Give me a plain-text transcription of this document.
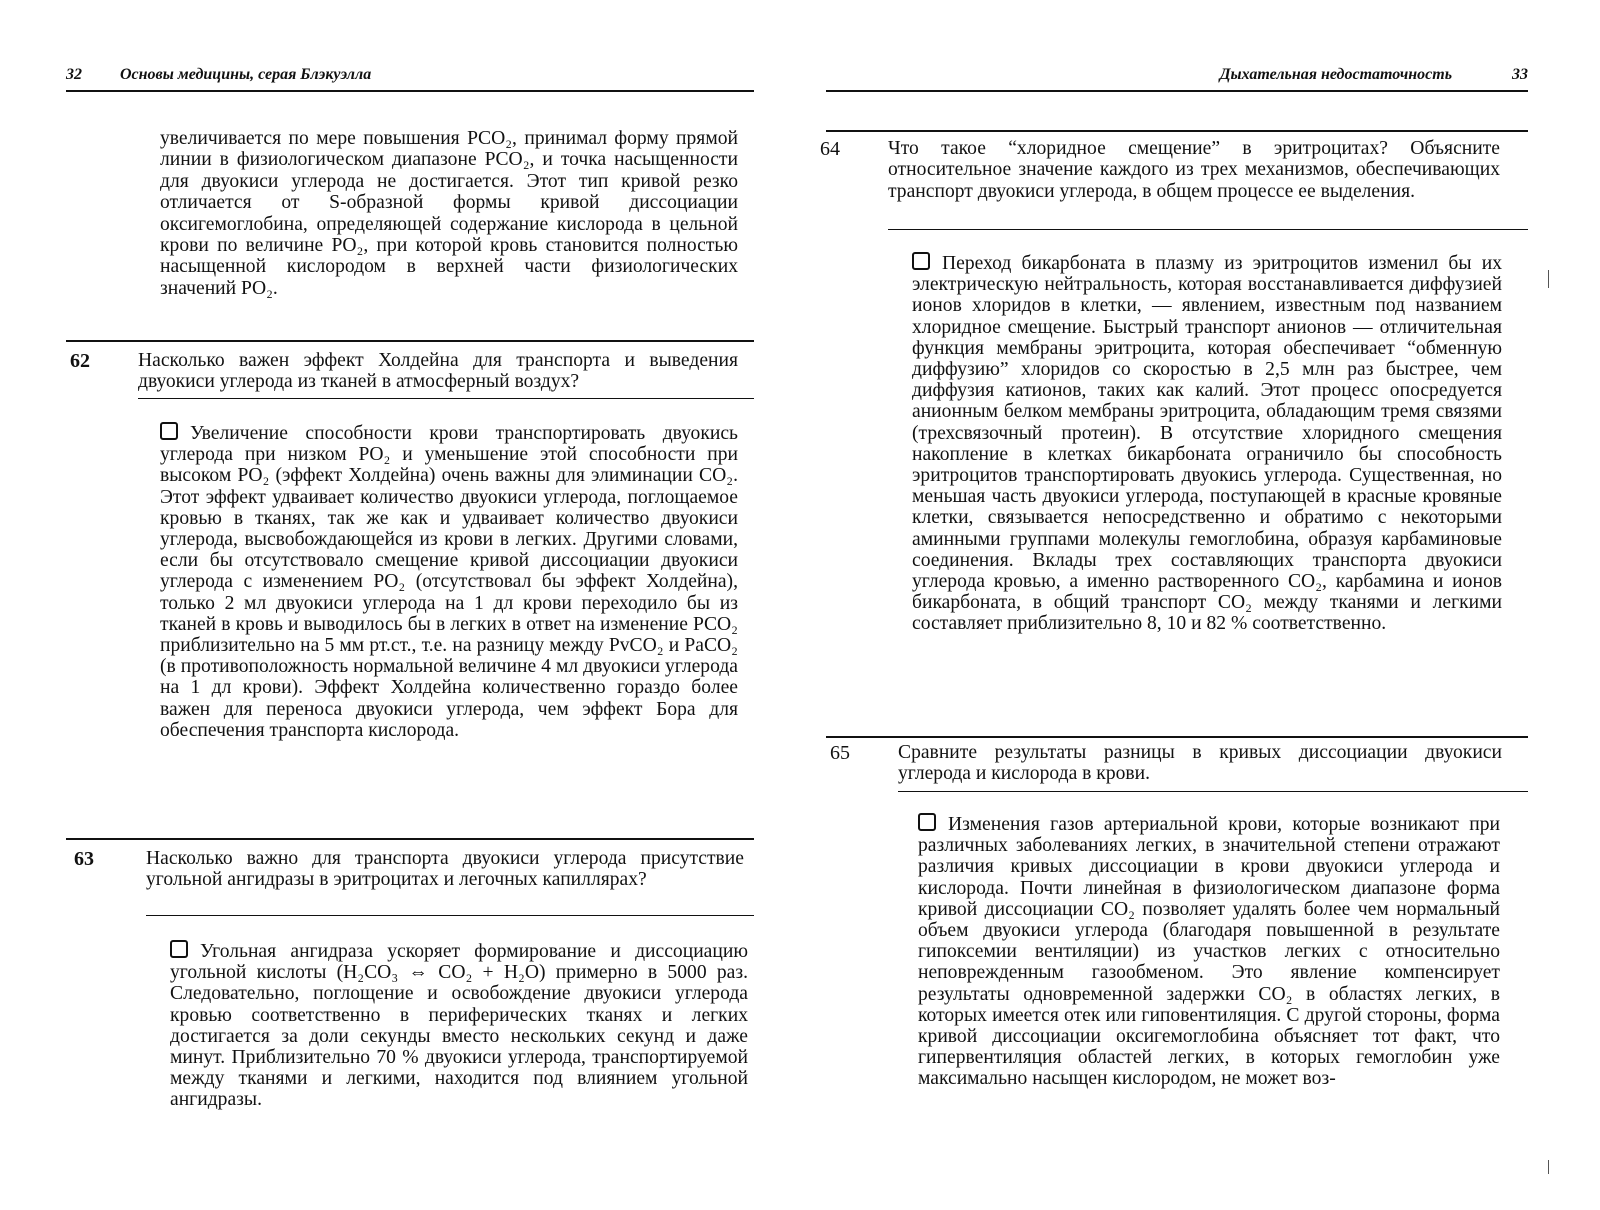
32 Основы медицины, серая Блэкуэлла
увеличивается по мере повышения PCO₂, принимал форму прямой линии в физиологическом диапазоне PCO₂, и точка насыщенности для двуокиси углерода не достигается. Этот тип кривой резко отличается от S-образной формы кривой диссоциации оксигемоглобина, определяющей содержание кислорода в цельной крови по величине PO₂, при которой кровь становится полностью насыщенной кислородом в верхней части физиологических значений PO₂.
62 Насколько важен эффект Холдейна для транспорта и выведения двуокиси углерода из тканей в атмосферный воздух?
Увеличение способности крови транспортировать двуокись углерода при низком PO₂ и уменьшение этой способности при высоком PO₂ (эффект Холдейна) очень важны для элиминации CO₂. Этот эффект удваивает количество двуокиси углерода, поглощаемое кровью в тканях, так же как и удваивает количество двуокиси углерода, высвобождающейся из крови в легких. Другими словами, если бы отсутствовало смещение кривой диссоциации двуокиси углерода с изменением PO₂ (отсутствовал бы эффект Холдейна), только 2 мл двуокиси углерода на 1 дл крови переходило бы из тканей в кровь и выводилось бы в легких в ответ на изменение PCO₂ приблизительно на 5 мм рт.ст., т.е. на разницу между PvCO₂ и PaCO₂ (в противоположность нормальной величине 4 мл двуокиси углерода на 1 дл крови). Эффект Холдейна количественно гораздо более важен для переноса двуокиси углерода, чем эффект Бора для обеспечения транспорта кислорода.
63	Насколько важно для транспорта двуокиси углерода присутствие угольной ангидразы в эритроцитах и легочных капиллярах?
Угольная ангидраза ускоряет формирование и диссоциацию угольной кислоты (H₂CO₃ ⇔ CO₂ + H₂O) примерно в 5000 раз. Следовательно, поглощение и освобождение двуокиси углерода кровью соответственно в периферических тканях и легких достигается за доли секунды вместо нескольких секунд и даже минут. Приблизительно 70 % двуокиси углерода, транспортируемой между тканями и легкими, находится под влиянием угольной ангидразы.
Дыхательная недостаточность	33
64 Что такое “хлоридное смещение” в эритроцитах? Объясните относительное значение каждого из трех механизмов, обеспечивающих транспорт двуокиси углерода, в общем процессе ее выделения.
Переход бикарбоната в плазму из эритроцитов изменил бы их электрическую нейтральность, которая восстанавливается диффузией ионов хлоридов в клетки, — явлением, известным под названием хлоридное смещение. Быстрый транспорт анионов — отличительная функция мембраны эритроцита, которая обеспечивает “обменную диффузию” хлоридов со скоростью в 2,5 млн раз быстрее, чем диффузия катионов, таких как калий. Этот процесс опосредуется анионным белком мембраны эритроцита, обладающим тремя связями (трехсвязочный протеин). В отсутствие хлоридного смещения накопление в клетках бикарбоната ограничило бы способность эритроцитов транспортировать двуокись углерода. Существенная, но меньшая часть двуокиси углерода, поступающей в красные кровяные клетки, связывается непосредственно и обратимо с некоторыми аминными группами молекулы гемоглобина, образуя карбаминовые соединения. Вклады трех составляющих транспорта двуокиси углерода кровью, а именно растворенного CO₂, карбамина и ионов бикарбоната, в общий транспорт CO₂ между тканями и легкими составляет приблизительно 8, 10 и 82 % соответственно.
65 Сравните результаты разницы в кривых диссоциации двуокиси углерода и кислорода в крови.
Изменения газов артериальной крови, которые возникают при различных заболеваниях легких, в значительной степени отражают различия кривых диссоциации в крови двуокиси углерода и кислорода. Почти линейная в физиологическом диапазоне форма кривой диссоциации CO₂ позволяет удалять более чем нормальный объем двуокиси углерода (благодаря повышенной в результате гипоксемии вентиляции) из участков легких с относительно неповрежденным газообменом. Это явление компенсирует результаты одновременной задержки CO₂ в областях легких, в которых имеется отек или гиповентиляция. С другой стороны, форма кривой диссоциации оксигемоглобина объясняет тот факт, что гипервентиляция областей легких, в которых гемоглобин уже максимально насыщен кислородом, не может воз-
